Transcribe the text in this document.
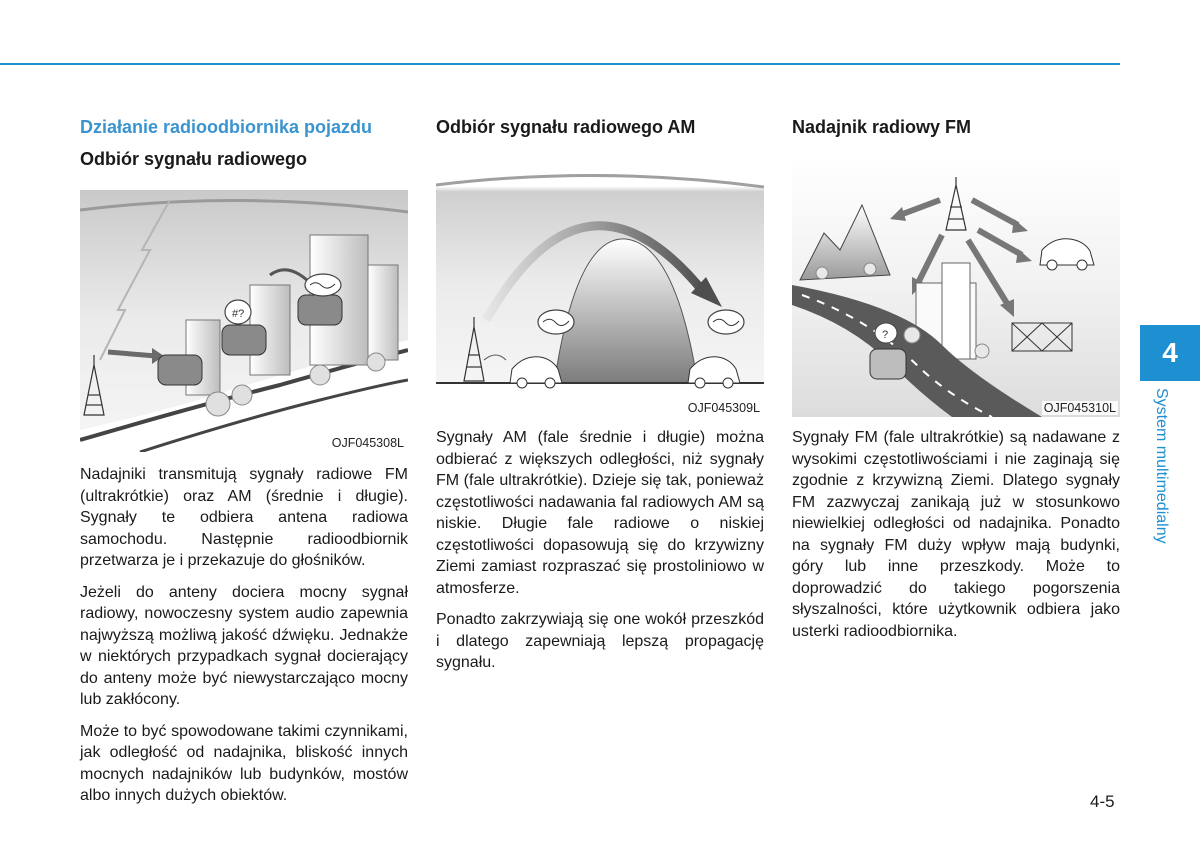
Działanie radioodbiornika pojazdu
Odbiór sygnału radiowego
#?
OJF045308L

Nadajniki transmitują sygnały radiowe FM (ultrakrótkie) oraz AM (średnie i długie). Sygnały te odbiera antena radiowa samochodu. Następnie radioodbiornik przetwarza je i przekazuje do głośników.

Jeżeli do anteny dociera mocny sygnał radiowy, nowoczesny system audio zapewnia najwyższą możliwą jakość dźwięku. Jednakże w niektórych przypadkach sygnał docierający do anteny może być niewystarczająco mocny lub zakłócony.

Może to być spowodowane takimi czynnikami, jak odległość od nadajnika, bliskość innych mocnych nadajników lub budynków, mostów albo innych dużych obiektów.

Odbiór sygnału radiowego AM
OJF045309L

Sygnały AM (fale średnie i długie) można odbierać z większych odległości, niż sygnały FM (fale ultrakrótkie). Dzieje się tak, ponieważ częstotliwości nadawania fal radiowych AM są niskie. Długie fale radiowe o niskiej częstotliwości dopasowują się do krzywizny Ziemi zamiast rozpraszać się prostoliniowo w atmosferze.

Ponadto zakrzywiają się one wokół przeszkód i dlatego zapewniają lepszą propagację sygnału.

Nadajnik radiowy FM
?
OJF045310L

Sygnały FM (fale ultrakrótkie) są nadawane z wysokimi częstotliwościami i nie zaginają się zgodnie z krzywizną Ziemi. Dlatego sygnały FM zazwyczaj zanikają już w stosunkowo niewielkiej odległości od nadajnika. Ponadto na sygnały FM duży wpływ mają budynki, góry lub inne przeszkody. Może to doprowadzić do takiego pogorszenia słyszalności, które użytkownik odbiera jako usterki radioodbiornika.

4
System multimedialny
4-5
